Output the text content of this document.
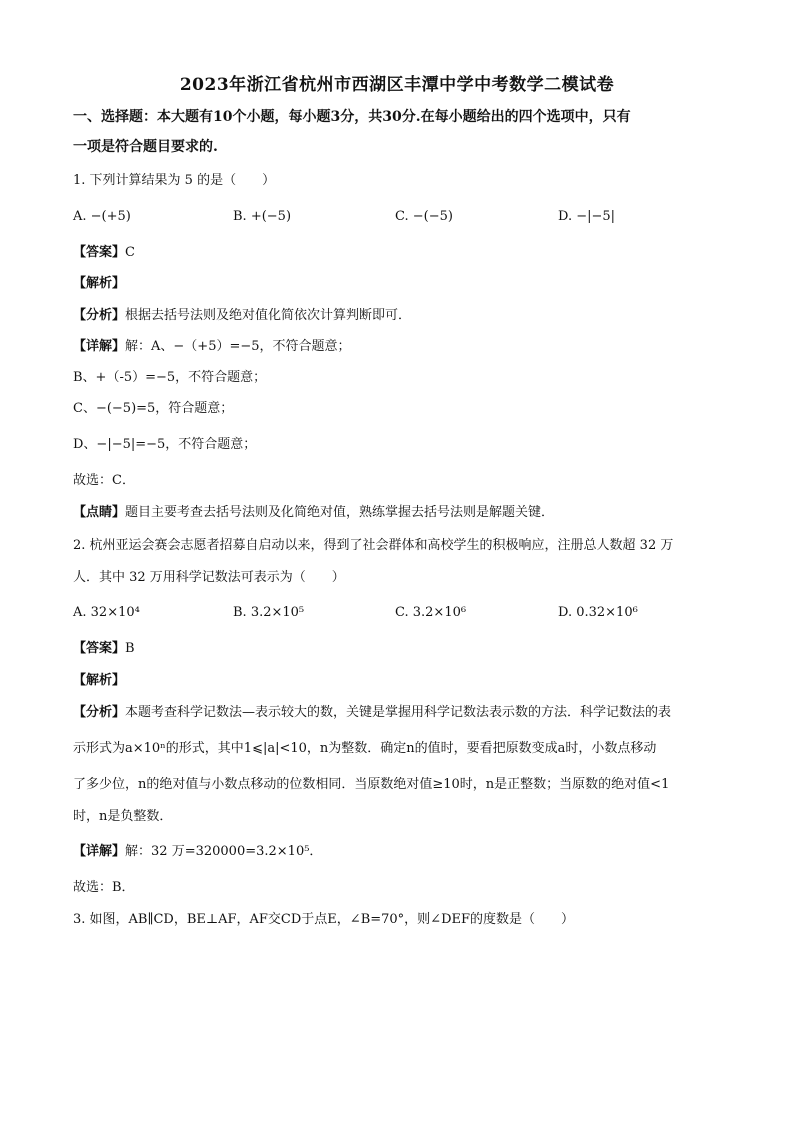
2023年浙江省杭州市西湖区丰潭中学中考数学二模试卷
一、选择题：本大题有10个小题，每小题3分，共30分.在每小题给出的四个选项中，只有
一项是符合题目要求的.
1. 下列计算结果为 5 的是（　　）
A. −(+5)	B. +(−5)	C. −(−5)	D. −|−5|
【答案】C
【解析】
【分析】根据去括号法则及绝对值化简依次计算判断即可．
【详解】解：A、−（+5）=−5，不符合题意；
B、+（-5）=−5，不符合题意；
C、−(−5)=5，符合题意；
D、−|−5|=−5，不符合题意；
故选：C．
【点睛】题目主要考查去括号法则及化简绝对值，熟练掌握去括号法则是解题关键．
2. 杭州亚运会赛会志愿者招募自启动以来，得到了社会群体和高校学生的积极响应，注册总人数超 32 万
人．其中 32 万用科学记数法可表示为（　　）
A. 32×10⁴	B. 3.2×10⁵	C. 3.2×10⁶	D. 0.32×10⁶
【答案】B
【解析】
【分析】本题考查科学记数法—表示较大的数，关键是掌握用科学记数法表示数的方法．科学记数法的表
示形式为a×10ⁿ的形式，其中1⩽|a|<10，n为整数．确定n的值时，要看把原数变成a时，小数点移动
了多少位，n的绝对值与小数点移动的位数相同．当原数绝对值≥10时，n是正整数；当原数的绝对值<1
时，n是负整数．
【详解】解：32 万=320000=3.2×10⁵．
故选：B．
3. 如图，AB∥CD，BE⊥AF，AF交CD于点E，∠B=70°，则∠DEF的度数是（　　）
